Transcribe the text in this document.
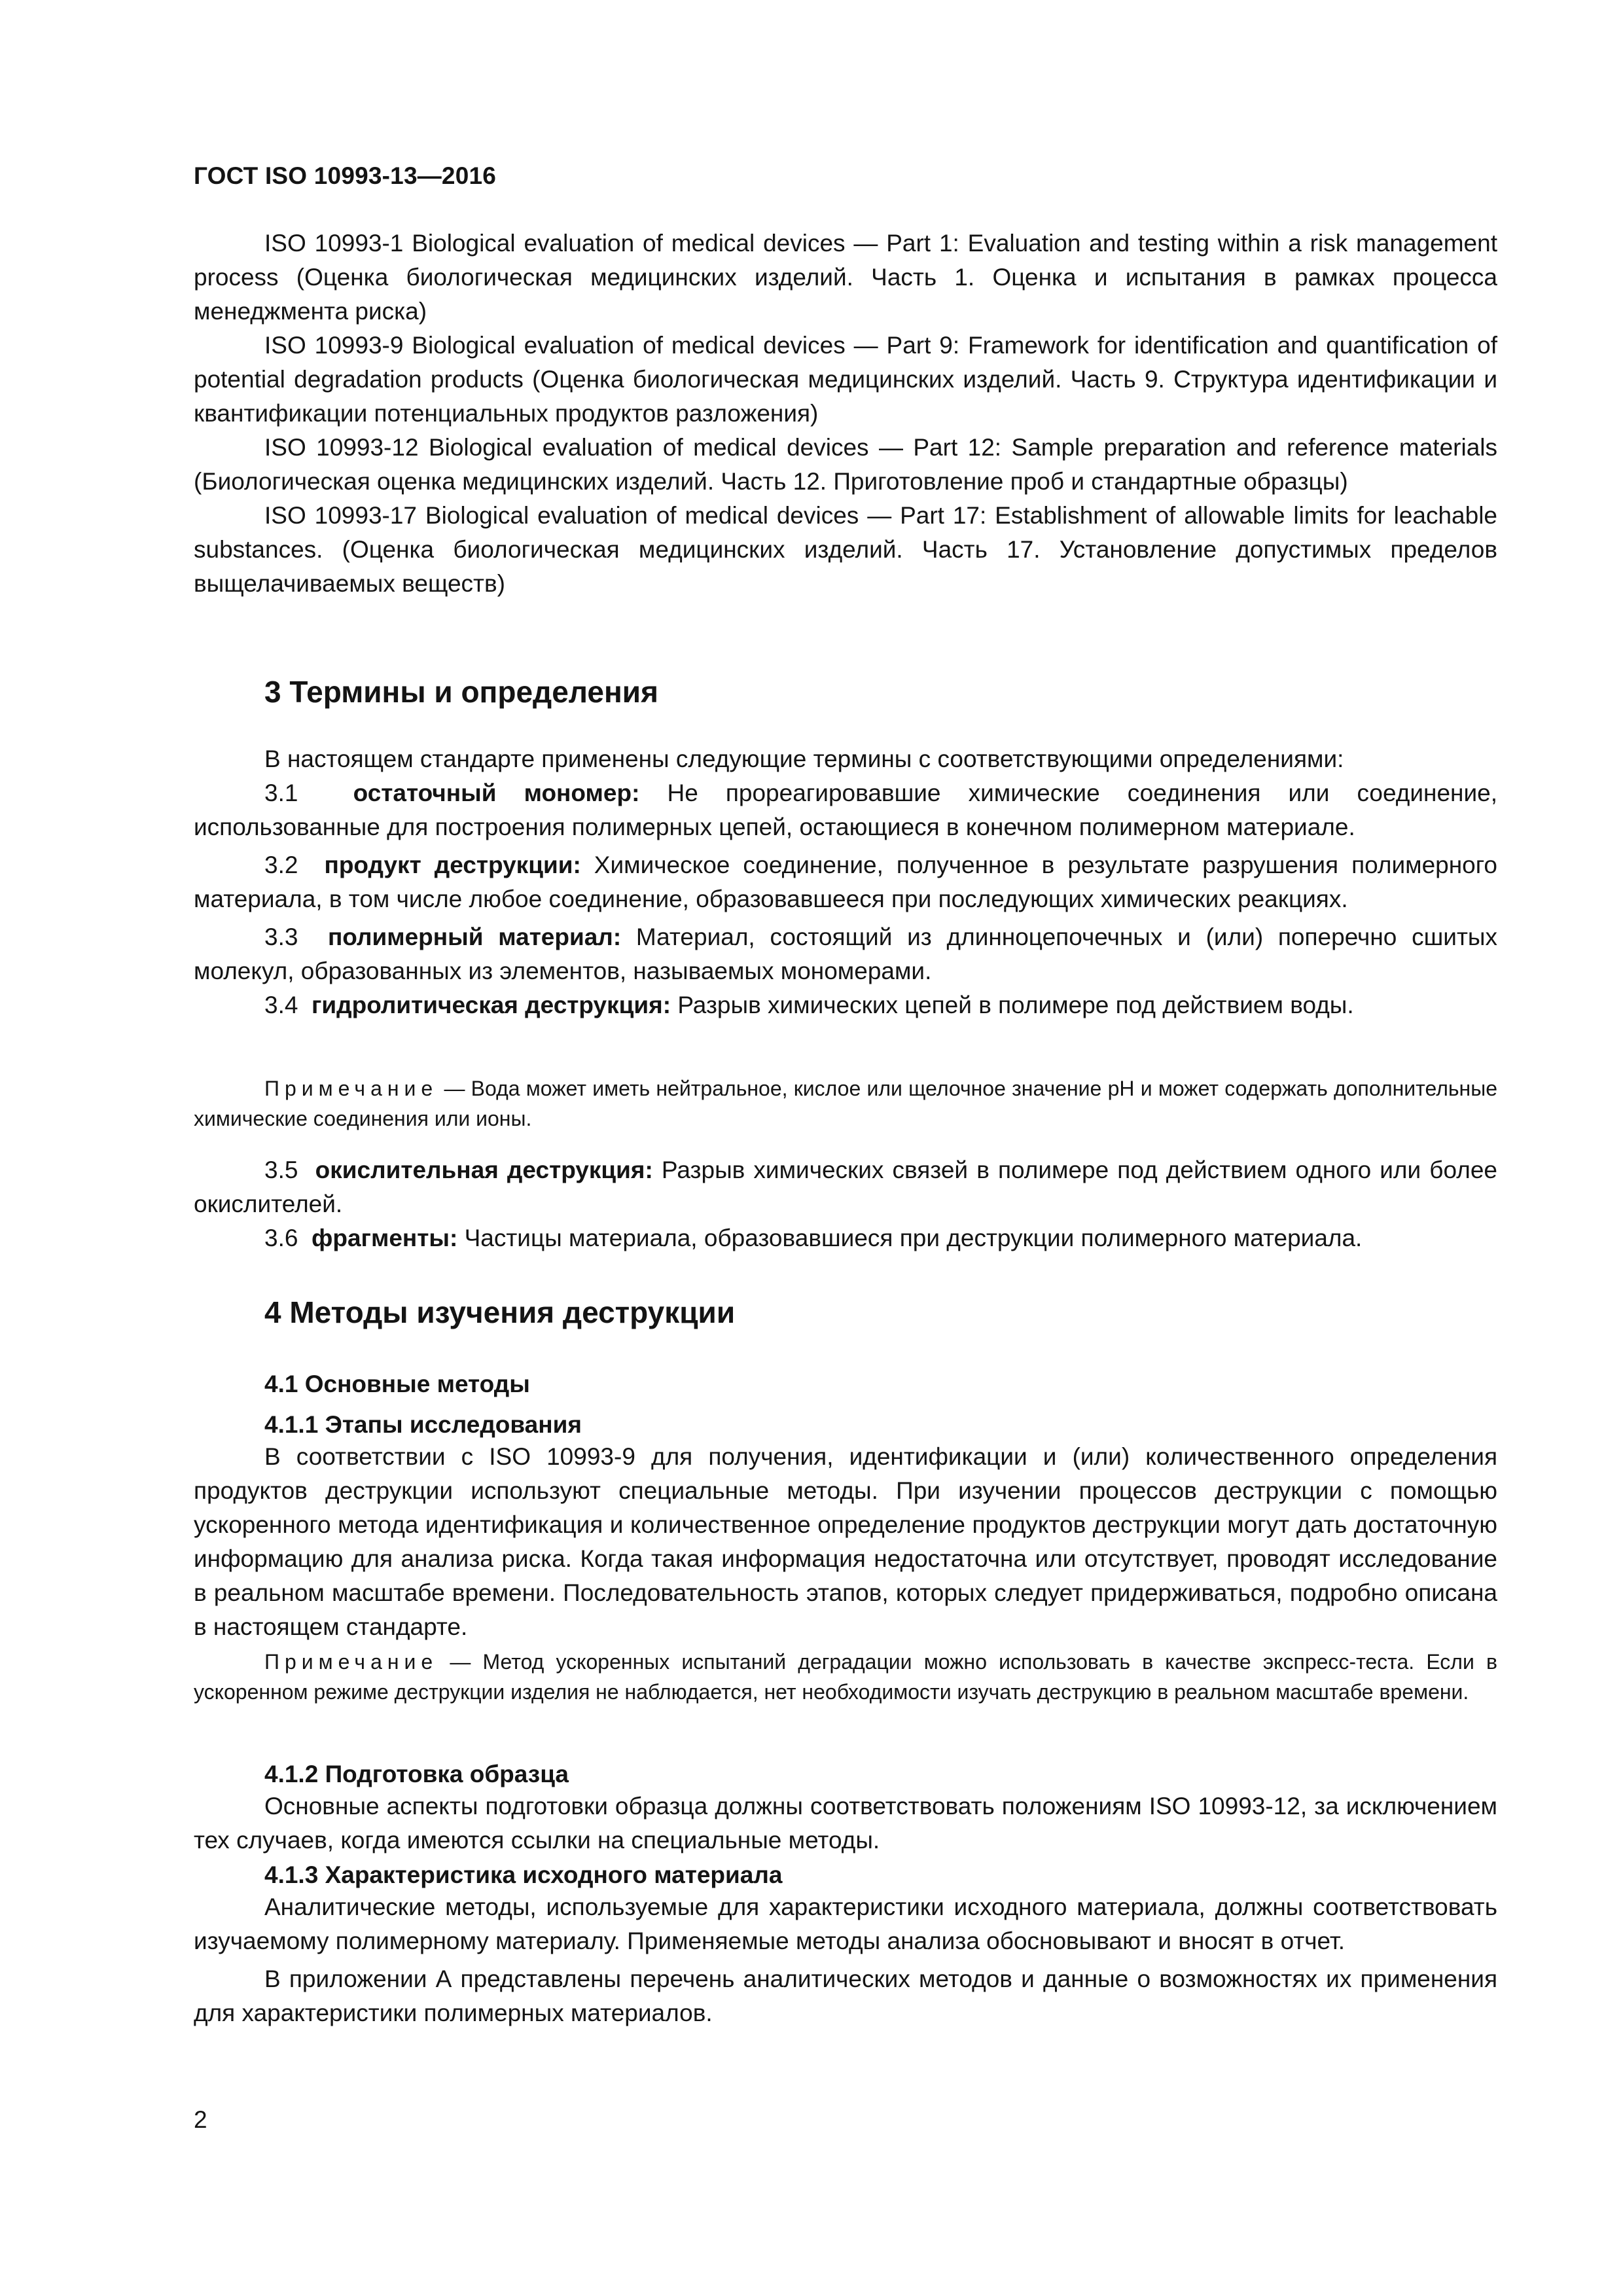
ГОСТ ISO 10993-13—2016

ISO 10993-1 Biological evaluation of medical devices — Part 1: Evaluation and testing within a risk management process (Оценка биологическая медицинских изделий. Часть 1. Оценка и испытания в рамках процесса менеджмента риска)

ISO 10993-9 Biological evaluation of medical devices — Part 9: Framework for identification and quantification of potential degradation products (Оценка биологическая медицинских изделий. Часть 9. Структура идентификации и квантификации потенциальных продуктов разложения)

ISO 10993-12 Biological evaluation of medical devices — Part 12: Sample preparation and reference materials (Биологическая оценка медицинских изделий. Часть 12. Приготовление проб и стандартные образцы)

ISO 10993-17 Biological evaluation of medical devices — Part 17: Establishment of allowable limits for leachable substances. (Оценка биологическая медицинских изделий. Часть 17. Установление допустимых пределов выщелачиваемых веществ)

3 Термины и определения

В настоящем стандарте применены следующие термины с соответствующими определениями:

3.1 остаточный мономер: Не прореагировавшие химические соединения или соединение, использованные для построения полимерных цепей, остающиеся в конечном полимерном материале.

3.2 продукт деструкции: Химическое соединение, полученное в результате разрушения полимерного материала, в том числе любое соединение, образовавшееся при последующих химических реакциях.

3.3 полимерный материал: Материал, состоящий из длинноцепочечных и (или) поперечно сшитых молекул, образованных из элементов, называемых мономерами.

3.4 гидролитическая деструкция: Разрыв химических цепей в полимере под действием воды.

Примечание — Вода может иметь нейтральное, кислое или щелочное значение pH и может содержать дополнительные химические соединения или ионы.

3.5 окислительная деструкция: Разрыв химических связей в полимере под действием одного или более окислителей.

3.6 фрагменты: Частицы материала, образовавшиеся при деструкции полимерного материала.

4 Методы изучения деструкции
4.1 Основные методы
4.1.1 Этапы исследования

В соответствии с ISO 10993-9 для получения, идентификации и (или) количественного определения продуктов деструкции используют специальные методы. При изучении процессов деструкции с помощью ускоренного метода идентификация и количественное определение продуктов деструкции могут дать достаточную информацию для анализа риска. Когда такая информация недостаточна или отсутствует, проводят исследование в реальном масштабе времени. Последовательность этапов, которых следует придерживаться, подробно описана в настоящем стандарте.

Примечание — Метод ускоренных испытаний деградации можно использовать в качестве экспресс-теста. Если в ускоренном режиме деструкции изделия не наблюдается, нет необходимости изучать деструкцию в реальном масштабе времени.

4.1.2 Подготовка образца

Основные аспекты подготовки образца должны соответствовать положениям ISO 10993-12, за исключением тех случаев, когда имеются ссылки на специальные методы.

4.1.3 Характеристика исходного материала

Аналитические методы, используемые для характеристики исходного материала, должны соответствовать изучаемому полимерному материалу. Применяемые методы анализа обосновывают и вносят в отчет.

В приложении А представлены перечень аналитических методов и данные о возможностях их применения для характеристики полимерных материалов.

2
